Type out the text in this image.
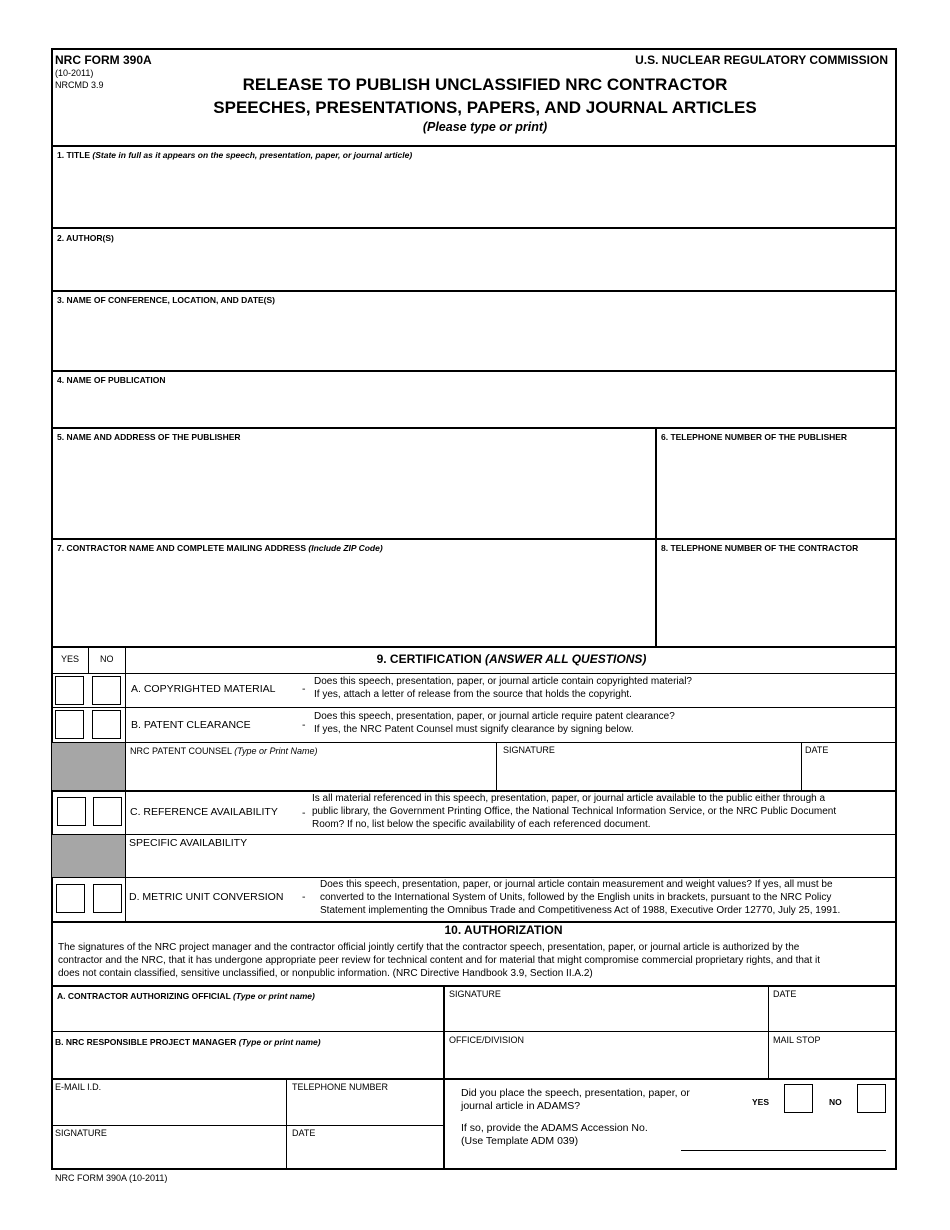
NRC FORM 390A
(10-2011)
NRCMD 3.9
U.S. NUCLEAR REGULATORY COMMISSION
RELEASE TO PUBLISH UNCLASSIFIED NRC CONTRACTOR
SPEECHES, PRESENTATIONS, PAPERS, AND JOURNAL ARTICLES
(Please type or print)
1. TITLE (State in full as it appears on the speech, presentation, paper, or journal article)
2. AUTHOR(S)
3. NAME OF CONFERENCE, LOCATION, AND DATE(S)
4. NAME OF PUBLICATION
5. NAME AND ADDRESS OF THE PUBLISHER	6. TELEPHONE NUMBER OF THE PUBLISHER
7. CONTRACTOR NAME AND COMPLETE MAILING ADDRESS (Include ZIP Code)	8. TELEPHONE NUMBER OF THE CONTRACTOR
YES NO	9. CERTIFICATION (ANSWER ALL QUESTIONS)
A. COPYRIGHTED MATERIAL	-
Does this speech, presentation, paper, or journal article contain copyrighted material?
If yes, attach a letter of release from the source that holds the copyright.
B. PATENT CLEARANCE	-
Does this speech, presentation, paper, or journal article require patent clearance?
If yes, the NRC Patent Counsel must signify clearance by signing below.
NRC PATENT COUNSEL (Type or Print Name)	SIGNATURE	DATE
C. REFERENCE AVAILABILITY -
Is all material referenced in this speech, presentation, paper, or journal article available to the public either through a
public library, the Government Printing Office, the National Technical Information Service, or the NRC Public Document
Room? If no, list below the specific availability of each referenced document.
SPECIFIC AVAILABILITY
D. METRIC UNIT CONVERSION -
Does this speech, presentation, paper, or journal article contain measurement and weight values? If yes, all must be
converted to the International System of Units, followed by the English units in brackets, pursuant to the NRC Policy
Statement implementing the Omnibus Trade and Competitiveness Act of 1988, Executive Order 12770, July 25, 1991.
10. AUTHORIZATION
The signatures of the NRC project manager and the contractor official jointly certify that the contractor speech, presentation, paper, or journal article is authorized by the
contractor and the NRC, that it has undergone appropriate peer review for technical content and for material that might compromise commercial proprietary rights, and that it
does not contain classified, sensitive unclassified, or nonpublic information. (NRC Directive Handbook 3.9, Section II.A.2)
A. CONTRACTOR AUTHORIZING OFFICIAL (Type or print name)	SIGNATURE	DATE
B. NRC RESPONSIBLE PROJECT MANAGER (Type or print name)	OFFICE/DIVISION	MAIL STOP
E-MAIL I.D.	TELEPHONE NUMBER
SIGNATURE	DATE
Did you place the speech, presentation, paper, or
journal article in ADAMS?	YES	NO
If so, provide the ADAMS Accession No.
(Use Template ADM 039)
NRC FORM 390A (10-2011)
